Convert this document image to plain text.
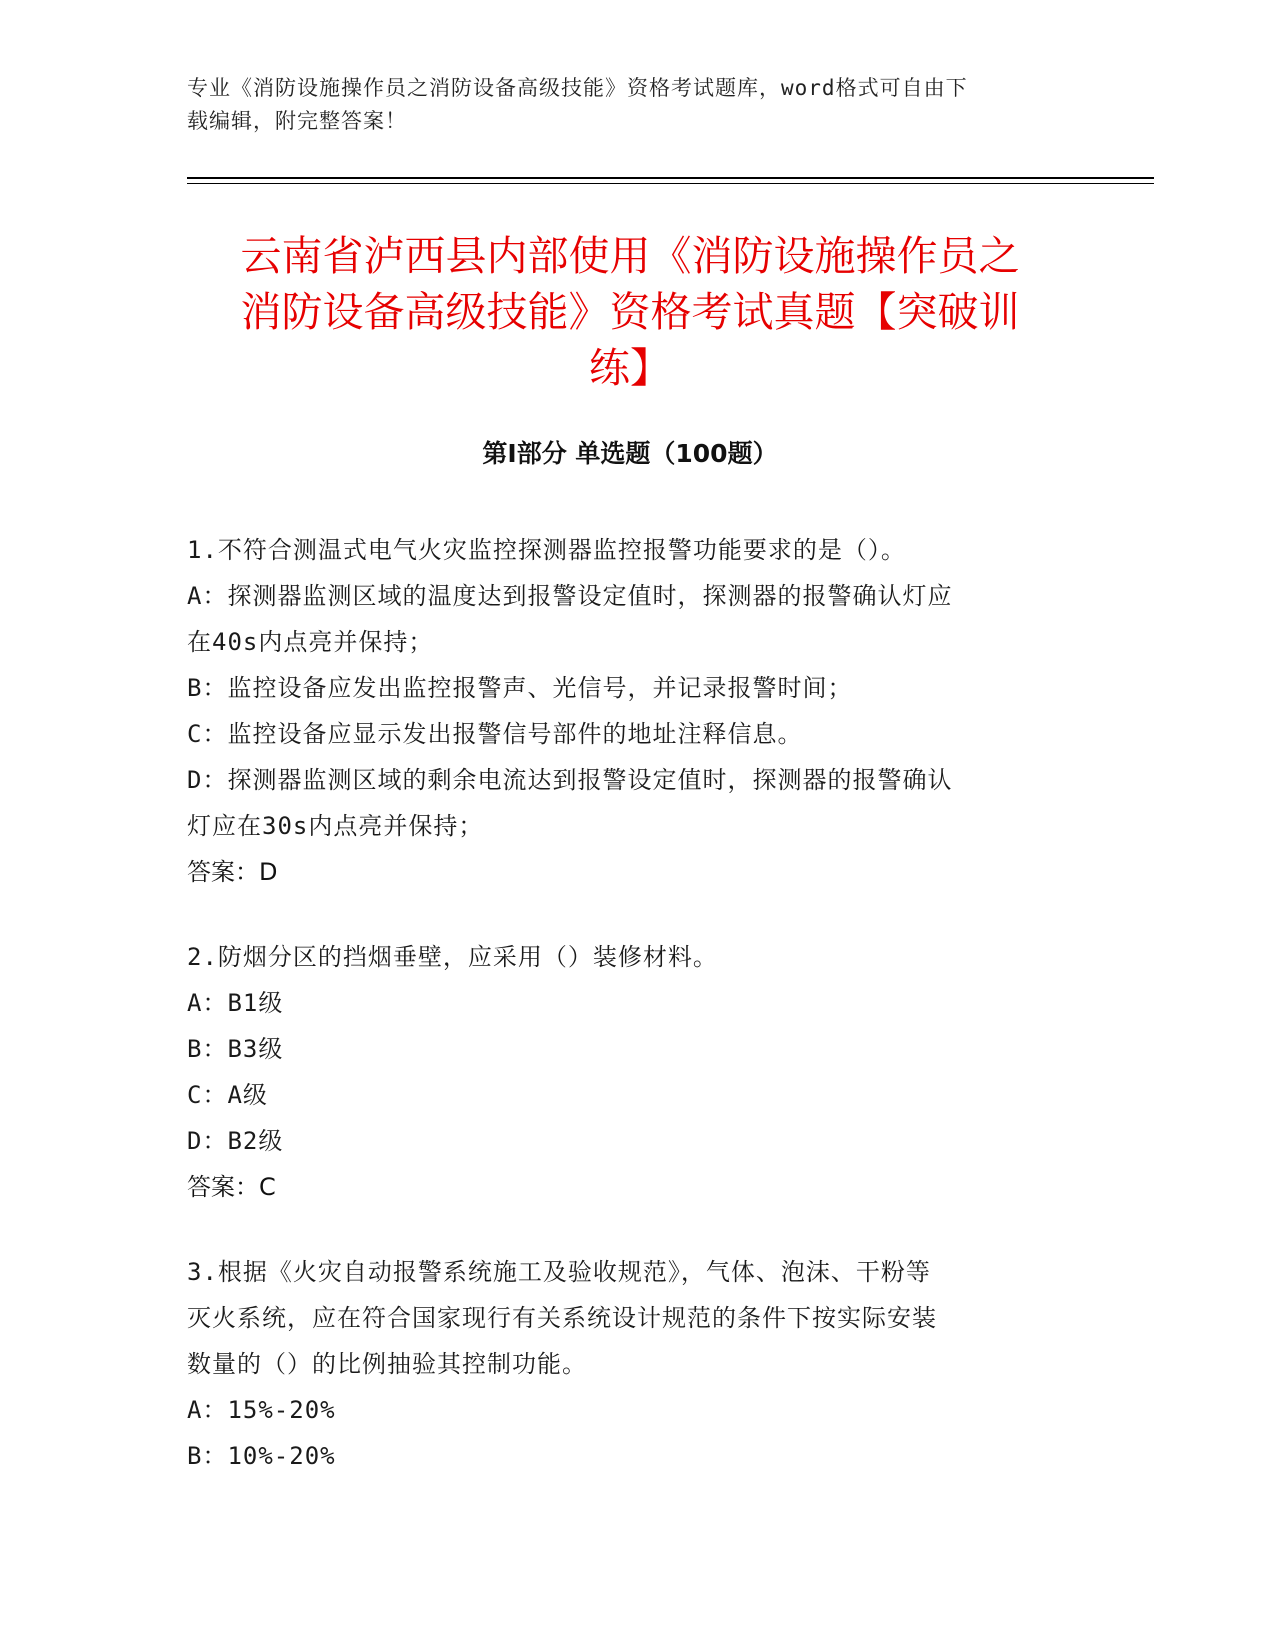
专业《消防设施操作员之消防设备高级技能》资格考试题库，word格式可自由下
载编辑，附完整答案！
云南省泸西县内部使用《消防设施操作员之
消防设备高级技能》资格考试真题【突破训
练】
第I部分 单选题（100题）
1.不符合测温式电气火灾监控探测器监控报警功能要求的是（）。
A：探测器监测区域的温度达到报警设定值时，探测器的报警确认灯应
在40s内点亮并保持；
B：监控设备应发出监控报警声、光信号，并记录报警时间；
C：监控设备应显示发出报警信号部件的地址注释信息。
D：探测器监测区域的剩余电流达到报警设定值时，探测器的报警确认
灯应在30s内点亮并保持；
答案：D
2.防烟分区的挡烟垂壁，应采用（）装修材料。
A：B1级
B：B3级
C：A级
D：B2级
答案：C
3.根据《火灾自动报警系统施工及验收规范》，气体、泡沫、干粉等
灭火系统，应在符合国家现行有关系统设计规范的条件下按实际安装
数量的（）的比例抽验其控制功能。
A：15%-20%
B：10%-20%
